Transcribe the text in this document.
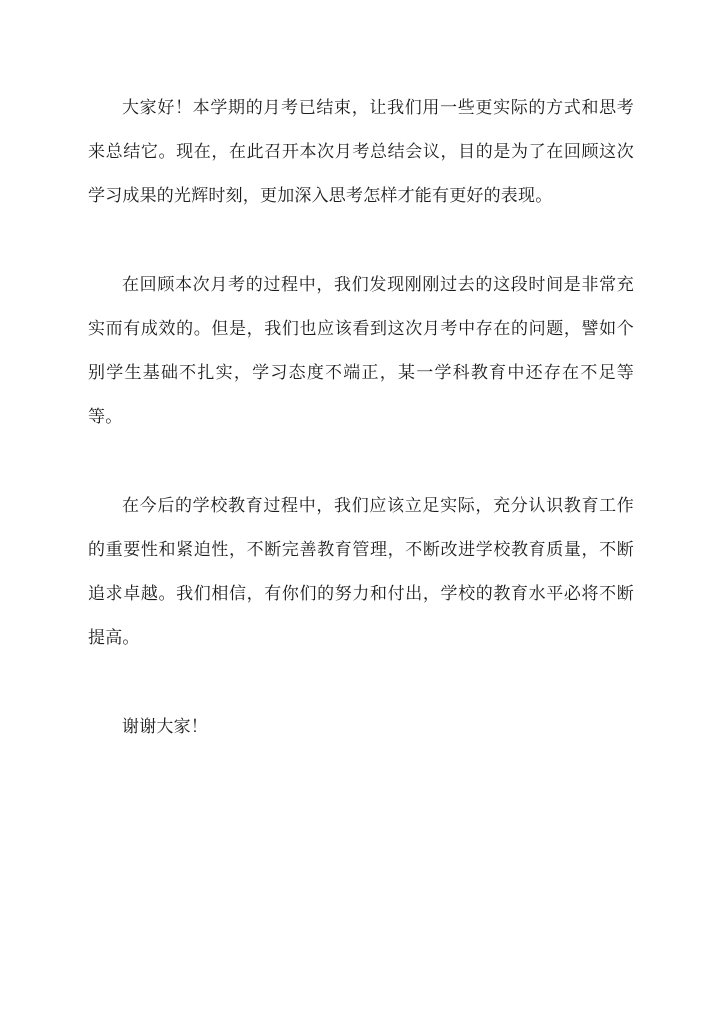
大家好！本学期的月考已结束，让我们用一些更实际的方式和思考来总结它。现在，在此召开本次月考总结会议，目的是为了在回顾这次学习成果的光辉时刻，更加深入思考怎样才能有更好的表现。

在回顾本次月考的过程中，我们发现刚刚过去的这段时间是非常充实而有成效的。但是，我们也应该看到这次月考中存在的问题，譬如个别学生基础不扎实，学习态度不端正，某一学科教育中还存在不足等等。

在今后的学校教育过程中，我们应该立足实际，充分认识教育工作的重要性和紧迫性，不断完善教育管理，不断改进学校教育质量，不断追求卓越。我们相信，有你们的努力和付出，学校的教育水平必将不断提高。

谢谢大家！
